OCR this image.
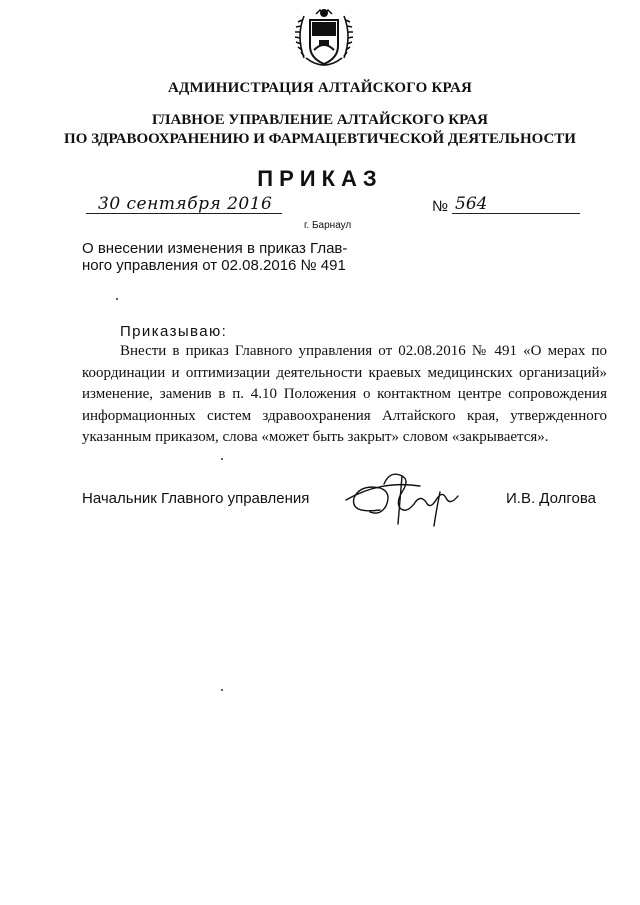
АДМИНИСТРАЦИЯ АЛТАЙСКОГО КРАЯ
ГЛАВНОЕ УПРАВЛЕНИЕ АЛТАЙСКОГО КРАЯ
ПО ЗДРАВООХРАНЕНИЮ И ФАРМАЦЕВТИЧЕСКОЙ ДЕЯТЕЛЬНОСТИ
ПРИКАЗ
30 сентября 2016
г. Барнаул
№ 564
О внесении изменения в приказ Глав-
ного управления от 02.08.2016 № 491
Приказываю:
Внести в приказ Главного управления от 02.08.2016 № 491 «О мерах по координации и оптимизации деятельности краевых медицинских организаций» изменение, заменив в п. 4.10 Положения о контактном центре сопровождения информационных систем здравоохранения Алтайского края, утвержденного указанным приказом, слова «может быть закрыт» словом «закрывается».
Начальник Главного управления	И.В. Долгова
